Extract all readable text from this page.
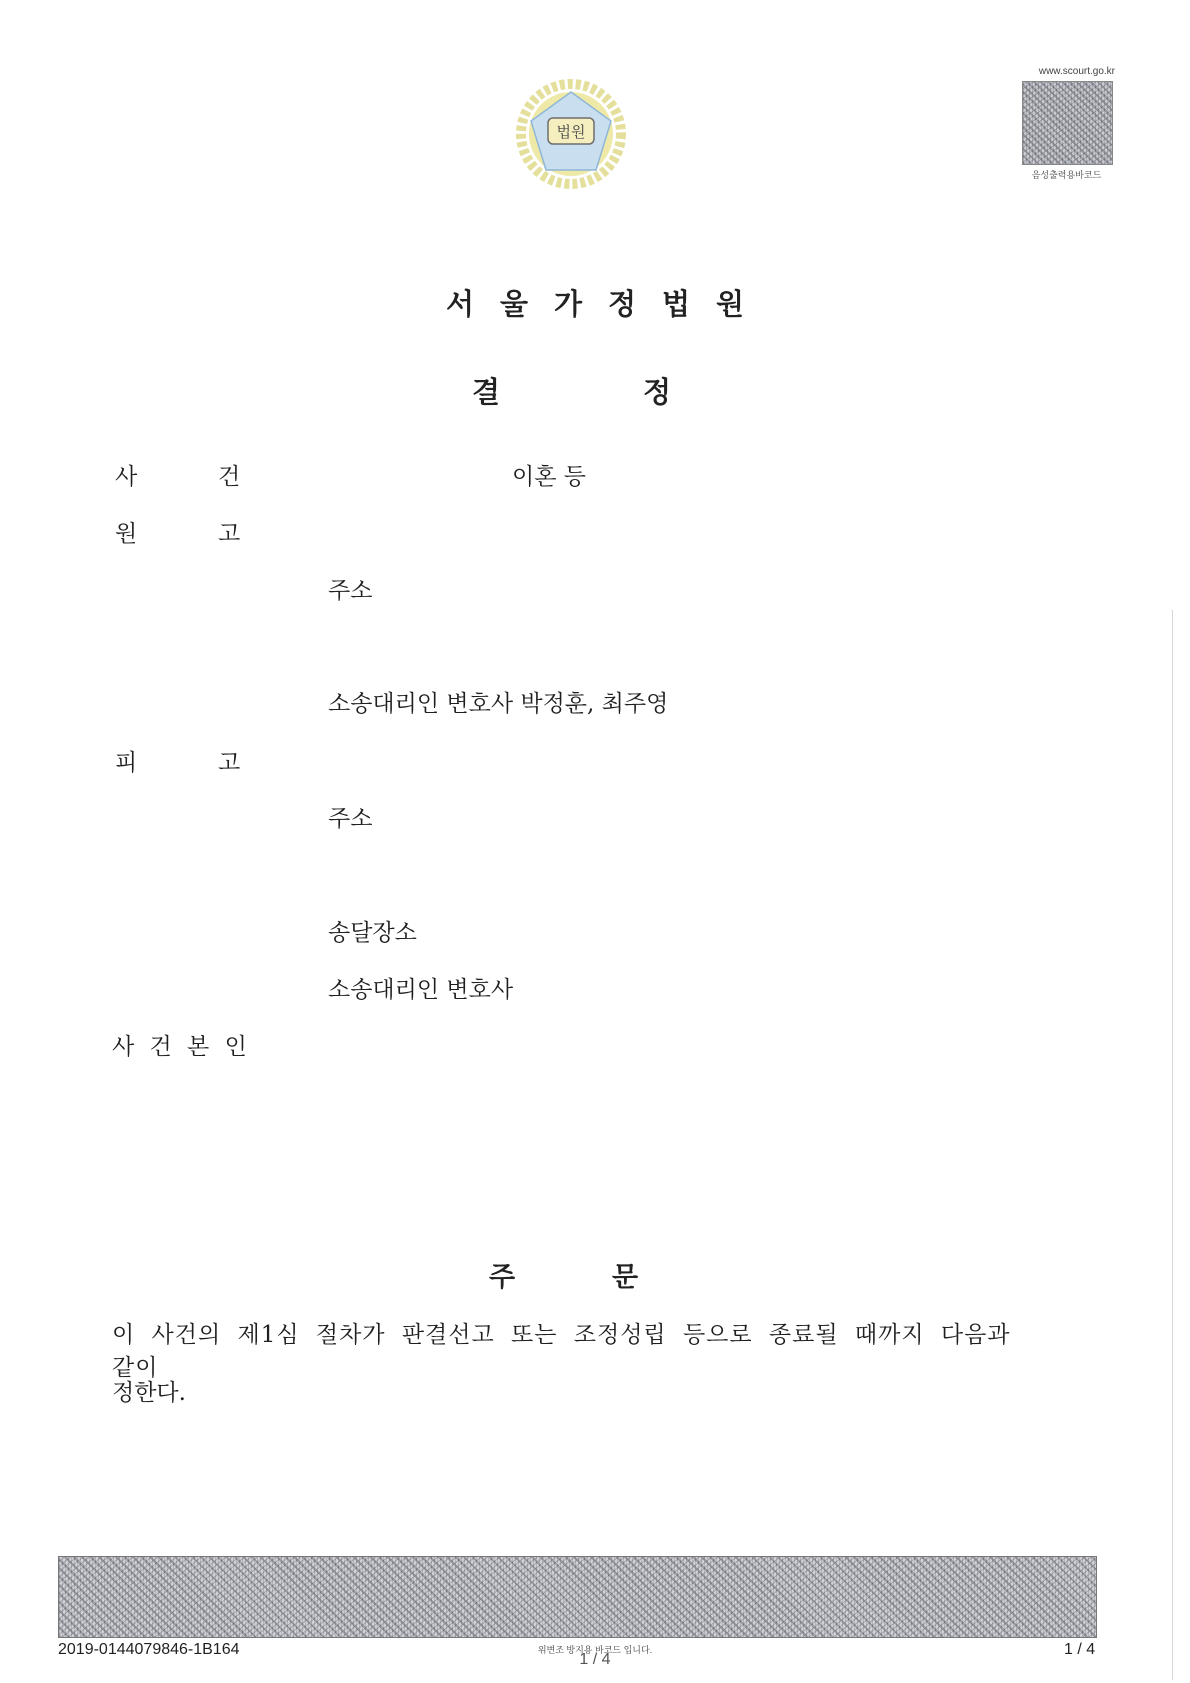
법원
www.scourt.go.kr
음성출력용바코드
서울가정법원
결	정
사	건	이혼 등
원	고
주소
소송대리인 변호사 박정훈, 최주영
피	고
주소
송달장소
소송대리인 변호사
사 건 본 인
주	문
이 사건의 제1심 절차가 판결선고 또는 조정성립 등으로 종료될 때까지 다음과 같이
정한다.
2019-0144079846-1B164	위변조 방지용 바코드 입니다.
1 / 4
1 / 4
